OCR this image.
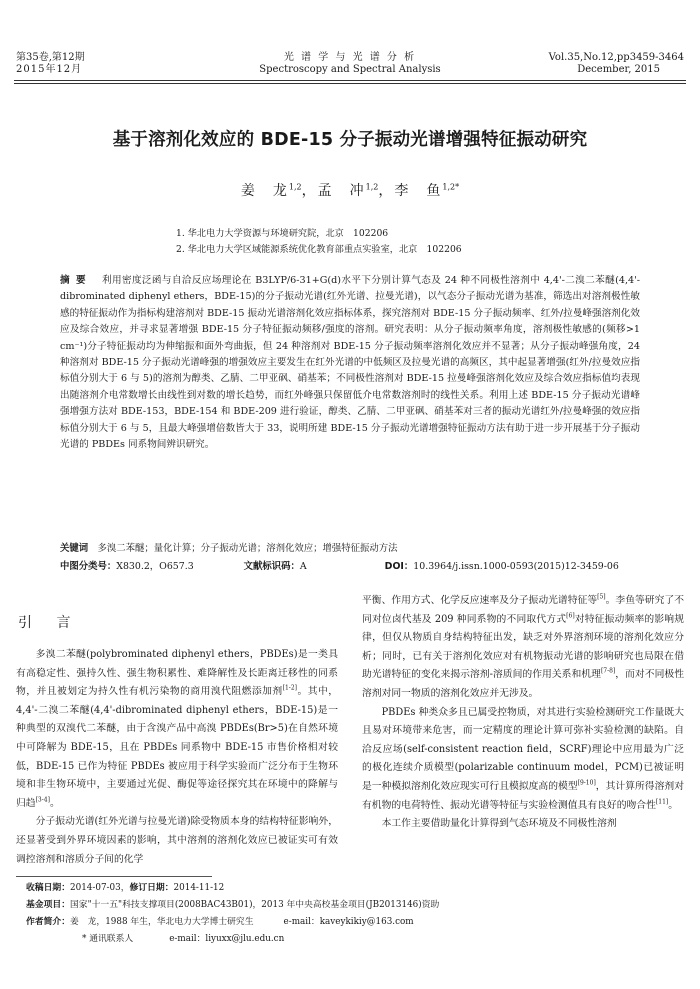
第35卷,第12期
2015年12月
光 谱 学 与 光 谱 分 析
Spectroscopy and Spectral Analysis
Vol.35,No.12,pp3459-3464
December, 2015
基于溶剂化效应的 BDE-15 分子振动光谱增强特征振动研究
姜　龙$^{1,2}$，孟　冲$^{1,2}$，李　鱼$^{1,2*}$
1. 华北电力大学资源与环境研究院，北京　102206
2. 华北电力大学区域能源系统优化教育部重点实验室，北京　102206
摘要　 利用密度泛函与自洽反应场理论在 B3LYP/6-31+G(d)水平下分别计算气态及 24 种不同极性溶剂中 4,4'-二溴二苯醚(4,4'-dibrominated diphenyl ethers，BDE-15)的分子振动光谱(红外光谱、拉曼光谱)，以气态分子振动光谱为基准，筛选出对溶剂极性敏感的特征振动作为指标构建溶剂对 BDE-15 振动光谱溶剂化效应指标体系，探究溶剂对 BDE-15 分子振动频率、红外/拉曼峰强溶剂化效应及综合效应，并寻求显著增强 BDE-15 分子特征振动频移/强度的溶剂。研究表明：从分子振动频率角度，溶剂极性敏感的(频移>1 cm⁻¹)分子特征振动均为伸缩振和面外弯曲振，但 24 种溶剂对 BDE-15 分子振动频率溶剂化效应并不显著；从分子振动峰强角度，24 种溶剂对 BDE-15 分子振动光谱峰强的增强效应主要发生在红外光谱的中低频区及拉曼光谱的高频区，其中起显著增强(红外/拉曼效应指标值分别大于 6 与 5)的溶剂为醇类、乙腈、二甲亚砜、硝基苯；不同极性溶剂对 BDE-15 拉曼峰强溶剂化效应及综合效应指标值均表现出随溶剂介电常数增长由线性到对数的增长趋势，而红外峰强只保留低介电常数溶剂时的线性关系。利用上述 BDE-15 分子振动光谱峰强增强方法对 BDE-153，BDE-154 和 BDE-209 进行验证，醇类、乙腈、二甲亚砜、硝基苯对三者的振动光谱红外/拉曼峰强的效应指标值分别大于 6 与 5，且最大峰强增倍数皆大于 33，说明所建 BDE-15 分子振动光谱增强特征振动方法有助于进一步开展基于分子振动光谱的 PBDEs 同系物间辨识研究。
关键词　 多溴二苯醚；量化计算；分子振动光谱；溶剂化效应；增强特征振动方法
中图分类号：X830.2，O657.3	文献标识码：A	DOI：10.3964/j.issn.1000-0593(2015)12-3459-06
引 言

多溴二苯醚(polybrominated diphenyl ethers，PBDEs)是一类具有高稳定性、强持久性、强生物积累性、难降解性及长距离迁移性的同系物，并且被划定为持久性有机污染物的商用溴代阻燃添加剂[1-2]。其中，4,4'-二溴二苯醚(4,4'-dibrominated diphenyl ethers，BDE-15)是一种典型的双溴代二苯醚，由于含溴产品中高溴 PBDEs(Br>5)在自然环境中可降解为 BDE-15，且在 PBDEs 同系物中 BDE-15 市售价格相对较低，BDE-15 已作为特征 PBDEs 被应用于科学实验而广泛分布于生物环境和非生物环境中，主要通过光促、酶促等途径探究其在环境中的降解与归趋[3-4]。

分子振动光谱(红外光谱与拉曼光谱)除受物质本身的结构特征影响外，还显著受到外界环境因素的影响，其中溶剂的溶剂化效应已被证实可有效调控溶剂和溶质分子间的化学

平衡、作用方式、化学反应速率及分子振动光谱特征等[5]。李鱼等研究了不同对位卤代基及 209 种同系物的不同取代方式[6]对特征振动频率的影响规律，但仅从物质自身结构特征出发，缺乏对外界溶剂环境的溶剂化效应分析；同时，已有关于溶剂化效应对有机物振动光谱的影响研究也局限在借助光谱特征的变化来揭示溶剂-溶质间的作用关系和机理[7-8]，而对不同极性溶剂对同一物质的溶剂化效应并无涉及。

PBDEs 种类众多且已属受控物质，对其进行实验检测研究工作量既大且易对环境带来危害，而一定精度的理论计算可弥补实验检测的缺陷。自洽反应场(self-consistent reaction field，SCRF)理论中应用最为广泛的极化连续介质模型(polarizable continuum model，PCM)已被证明是一种模拟溶剂化效应现实可行且模拟度高的模型[9-10]，其计算所得溶剂对有机物的电荷特性、振动光谱等特征与实验检测值具有良好的吻合性[11]。

本工作主要借助量化计算得到气态环境及不同极性溶剂

收稿日期：2014-07-03，修订日期：2014-11-12
基金项目：国家"十一五"科技支撑项目(2008BAC43B01)，2013 年中央高校基金项目(JB2013146)资助
作者简介：姜　龙，1988 年生，华北电力大学博士研究生	e-mail：kaveykikiy@163.com
* 通讯联系人	e-mail：liyuxx@jlu.edu.cn
